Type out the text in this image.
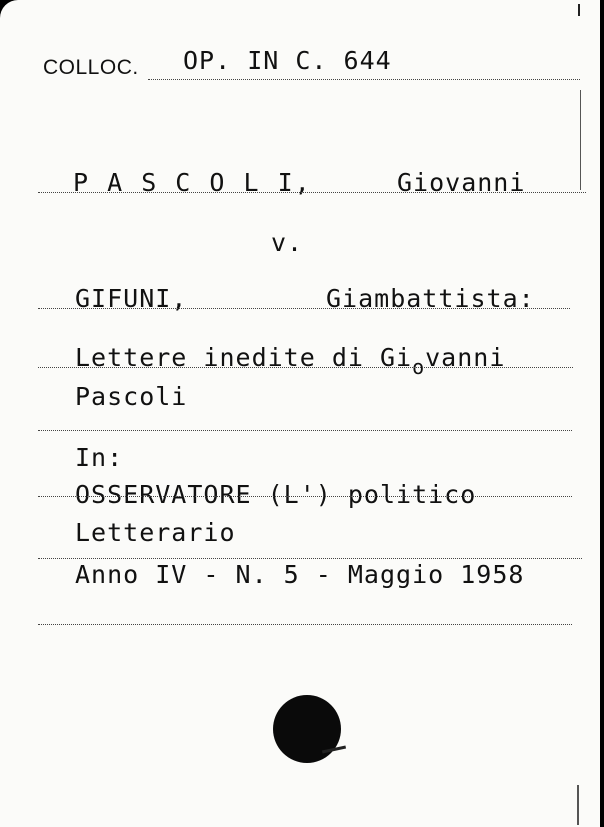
COLLOC. OP. IN C. 644
P A S C O L I,	Giovanni
v.
GIFUNI,	Giambattista:
Lettere inedite di $Gi_ovanni$
Pascoli
In:
OSSERVATORE (L') politico
Letterario
Anno IV - N. 5 - Maggio 1958
